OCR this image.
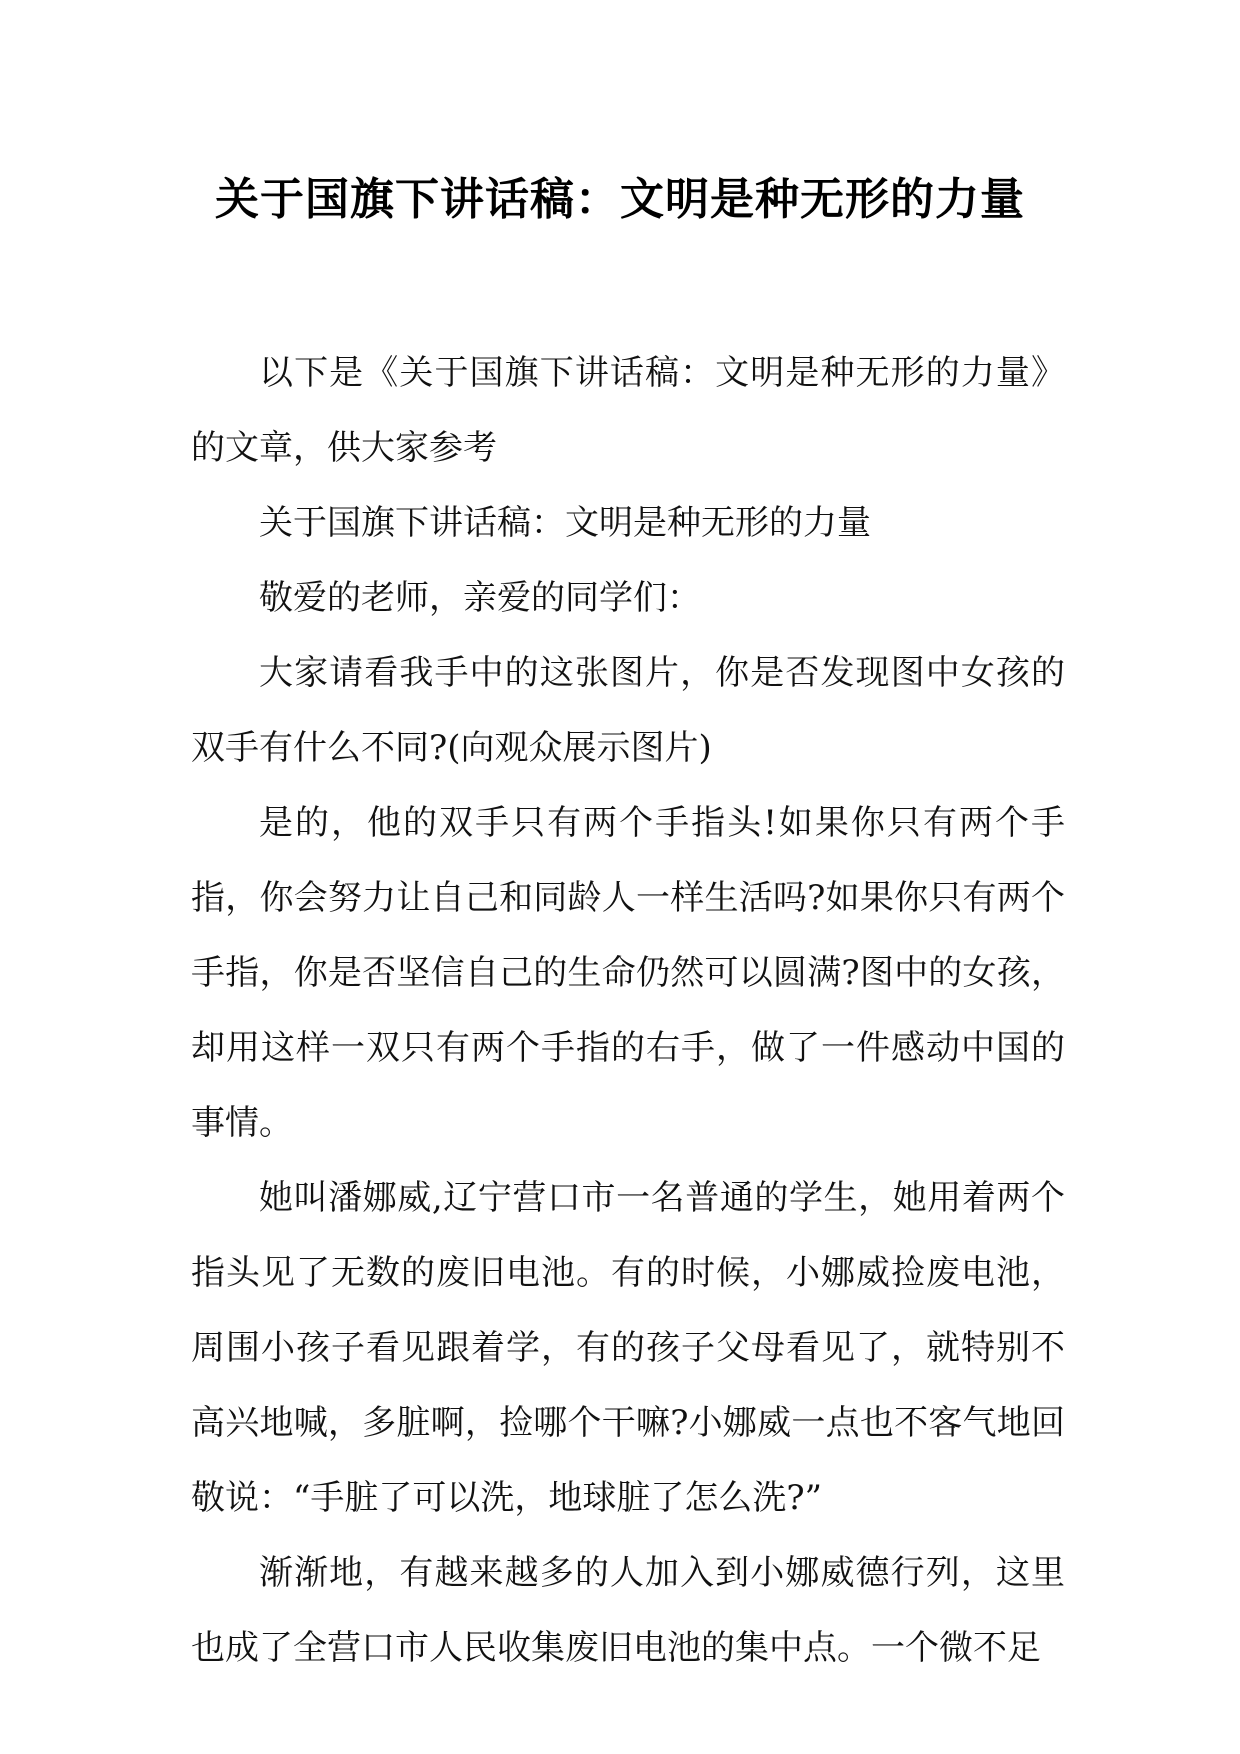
关于国旗下讲话稿：文明是种无形的力量

以下是《关于国旗下讲话稿：文明是种无形的力量》的文章，供大家参考

关于国旗下讲话稿：文明是种无形的力量

敬爱的老师，亲爱的同学们：

大家请看我手中的这张图片，你是否发现图中女孩的双手有什么不同?(向观众展示图片)

是的，他的双手只有两个手指头!如果你只有两个手指，你会努力让自己和同龄人一样生活吗?如果你只有两个手指，你是否坚信自己的生命仍然可以圆满?图中的女孩，却用这样一双只有两个手指的右手，做了一件感动中国的事情。

她叫潘娜威,辽宁营口市一名普通的学生，她用着两个指头见了无数的废旧电池。有的时候，小娜威捡废电池，周围小孩子看见跟着学，有的孩子父母看见了，就特别不高兴地喊，多脏啊，捡哪个干嘛?小娜威一点也不客气地回敬说：“手脏了可以洗，地球脏了怎么洗?”

渐渐地，有越来越多的人加入到小娜威德行列，这里也成了全营口市人民收集废旧电池的集中点。一个微不足
